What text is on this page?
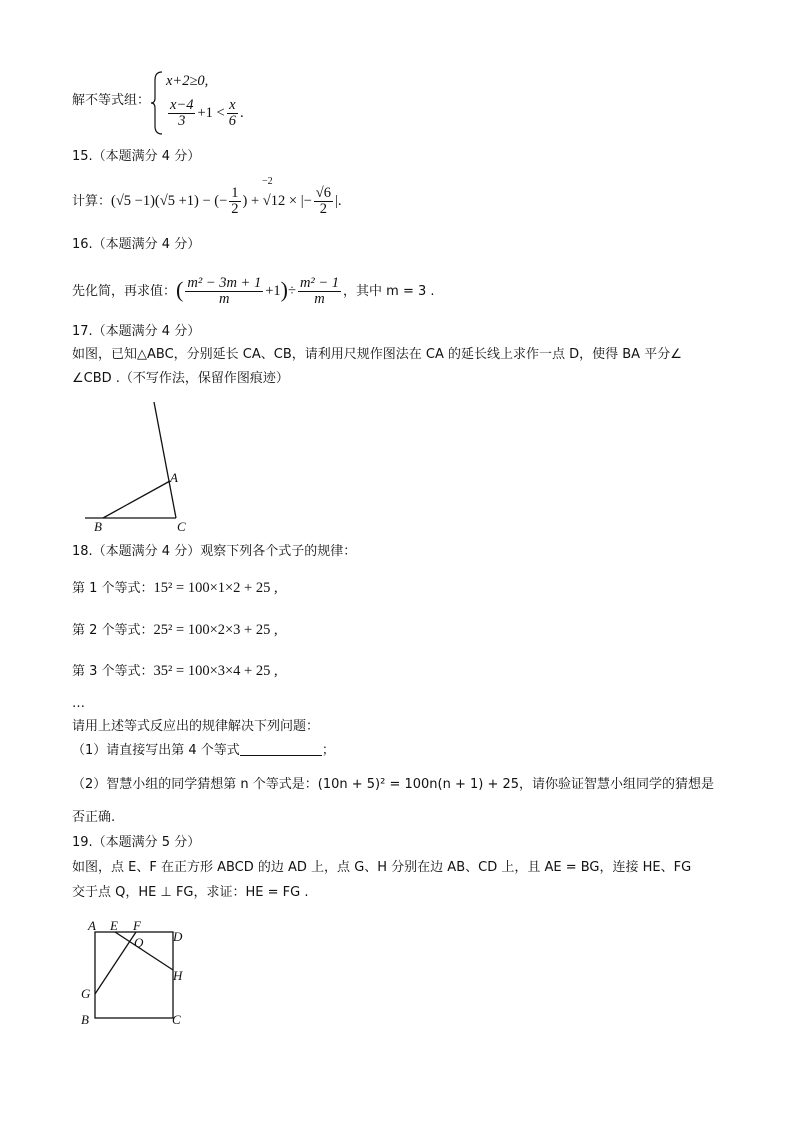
解不等式组：
x+2≥0,
$\frac{x-4}{3} +1 < \frac{x}{6}$ .
15.（本题满分 4 分）
计算：(√5 −1)(√5 +1) − (− $\frac{1}{2}$ ) + √12 × |− $\frac{√6}{2}$ |.
−2
16.（本题满分 4 分）
先化简，再求值：( $\frac{\text{m² − 3m + 1}}{m} +1)\div \frac{\text{m² − 1}}{m}$ ，其中 m = 3 .
17.（本题满分 4 分）
如图，已知△ABC，分别延长 CA、CB，请利用尺规作图法在 CA 的延长线上求作一点 D，使得 BA 平分∠
∠CBD .（不写作法，保留作图痕迹）
A
B	C
18.（本题满分 4 分）观察下列各个式子的规律：
第 1 个等式：15² = 100×1×2 + 25 ,
第 2 个等式：25² = 100×2×3 + 25 ,
第 3 个等式：35² = 100×3×4 + 25 ,
…
请用上述等式反应出的规律解决下列问题：
（1）请直接写出第 4 个等式	；
（2）智慧小组的同学猜想第 n 个等式是：(10n + 5)² = 100n(n + 1) + 25，请你验证智慧小组同学的猜想是
否正确.
19.（本题满分 5 分）
如图，点 E、F 在正方形 ABCD 的边 AD 上，点 G、H 分别在边 AB、CD 上，且 AE = BG，连接 HE、FG
交于点 Q，HE ⊥ FG，求证：HE = FG .
A E F
Q D
H
G
B	C
